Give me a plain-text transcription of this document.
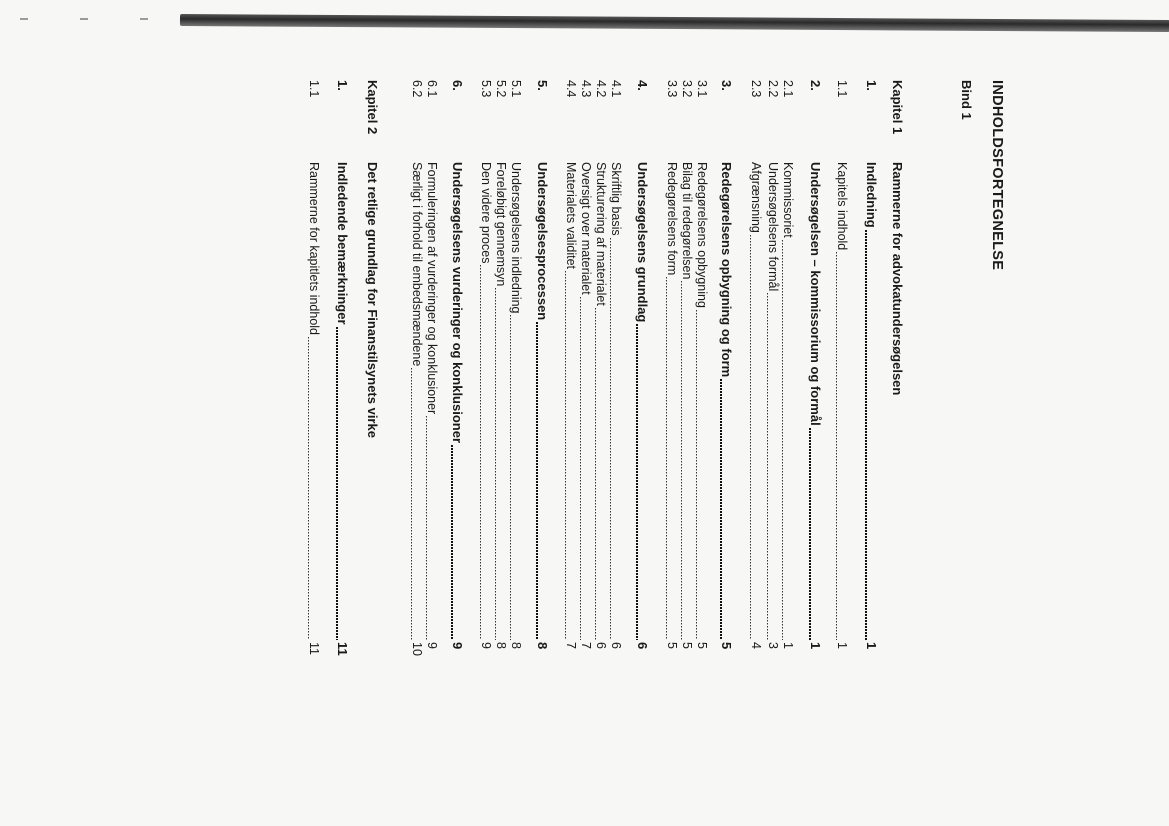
INDHOLDSFORTEGNELSE
Bind 1
Kapitel 1
Rammerne for advokatundersøgelsen
1.
Indledning
1
1.1
Kapitels indhold
1
2.
Undersøgelsen – kommissorium og formål
1
2.1
Kommissoriet
1
2.2
Undersøgelsens formål
3
2.3
Afgrænsning
4
3.
Redegørelsens opbygning og form
5
3.1
Redegørelsens opbygning
5
3.2
Bilag til redegørelsen
5
3.3
Redegørelsens form
5
4.
Undersøgelsens grundlag
6
4.1
Skriftlig basis
6
4.2
Strukturering af materialet
6
4.3
Oversigt over materialet
7
4.4
Materialets validitet
7
5.
Undersøgelsesprocessen
8
5.1
Undersøgelsens indledning
8
5.2
Foreløbigt gennemsyn
8
5.3
Den videre proces
9
6.
Undersøgelsens vurderinger og konklusioner
9
6.1
Formuleringen af vurderinger og konklusioner
9
6.2
Særligt i forhold til embedsmændene
10
Kapitel 2
Det retlige grundlag for Finanstilsynets virke
1.
Indledende bemærkninger
11
1.1
Rammerne for kapitlets indhold
11
